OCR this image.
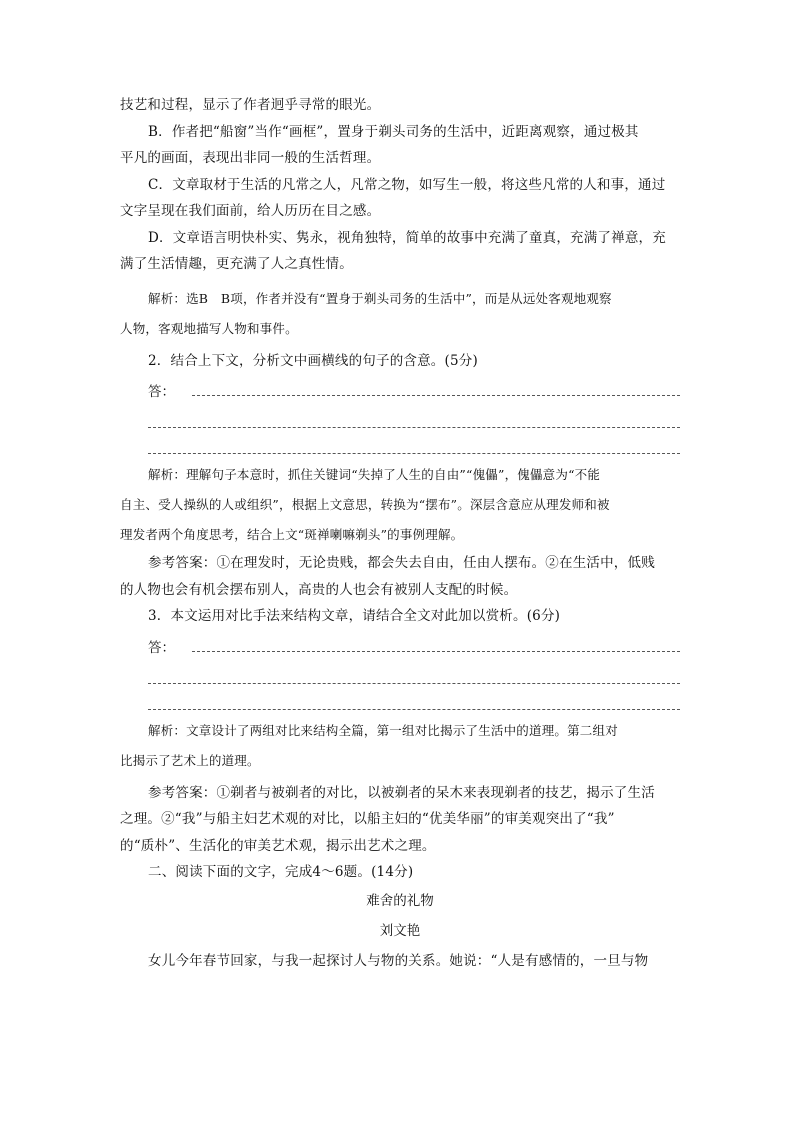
技艺和过程，显示了作者迥乎寻常的眼光。

B．作者把“船窗”当作“画框”，置身于剃头司务的生活中，近距离观察，通过极其

平凡的画面，表现出非同一般的生活哲理。

C．文章取材于生活的凡常之人，凡常之物，如写生一般，将这些凡常的人和事，通过

文字呈现在我们面前，给人历历在目之感。

D．文章语言明快朴实、隽永，视角独特，简单的故事中充满了童真，充满了禅意，充

满了生活情趣，更充满了人之真性情。

解析：选B　B项，作者并没有“置身于剃头司务的生活中”，而是从远处客观地观察

人物，客观地描写人物和事件。

2．结合上下文，分析文中画横线的句子的含意。(5分)

答：

解析：理解句子本意时，抓住关键词“失掉了人生的自由”“傀儡”，傀儡意为“不能

自主、受人操纵的人或组织”，根据上文意思，转换为“摆布”。深层含意应从理发师和被

理发者两个角度思考，结合上文“斑禅喇嘛剃头”的事例理解。

参考答案：①在理发时，无论贵贱，都会失去自由，任由人摆布。②在生活中，低贱

的人物也会有机会摆布别人，高贵的人也会有被别人支配的时候。

3．本文运用对比手法来结构文章，请结合全文对此加以赏析。(6分)

答：

解析：文章设计了两组对比来结构全篇，第一组对比揭示了生活中的道理。第二组对

比揭示了艺术上的道理。

参考答案：①剃者与被剃者的对比，以被剃者的呆木来表现剃者的技艺，揭示了生活

之理。②“我”与船主妇艺术观的对比，以船主妇的“优美华丽”的审美观突出了“我”

的“质朴”、生活化的审美艺术观，揭示出艺术之理。

二、阅读下面的文字，完成4～6题。(14分)

难舍的礼物

刘文艳

女儿今年春节回家，与我一起探讨人与物的关系。她说：“人是有感情的，一旦与物
